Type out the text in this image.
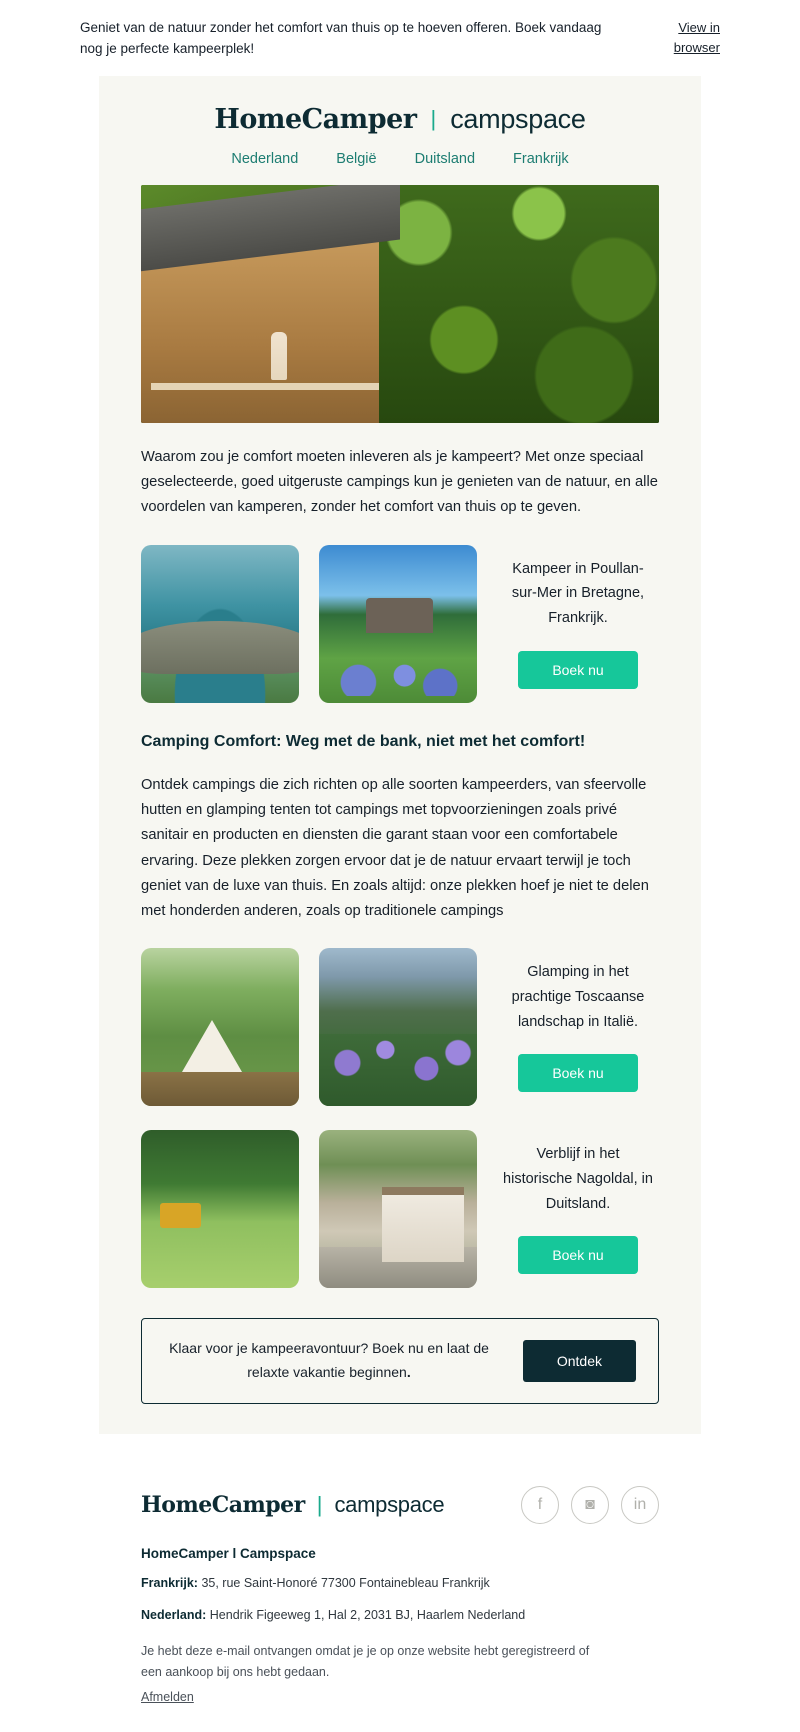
Geniet van de natuur zonder het comfort van thuis op te hoeven offeren. Boek vandaag nog je perfecte kampeerplek!
View in browser
HomeCamper | campspace
Nederland	België	Duitsland	Frankrijk
Waarom zou je comfort moeten inleveren als je kampeert? Met onze speciaal geselecteerde, goed uitgeruste campings kun je genieten van de natuur, en alle voordelen van kamperen, zonder het comfort van thuis op te geven.
Kampeer in Poullan-sur-Mer in Bretagne, Frankrijk.
Boek nu
Camping Comfort: Weg met de bank, niet met het comfort!
Ontdek campings die zich richten op alle soorten kampeerders, van sfeervolle hutten en glamping tenten tot campings met topvoorzieningen zoals privé sanitair en producten en diensten die garant staan voor een comfortabele ervaring. Deze plekken zorgen ervoor dat je de natuur ervaart terwijl je toch geniet van de luxe van thuis. En zoals altijd: onze plekken hoef je niet te delen met honderden anderen, zoals op traditionele campings
Glamping in het prachtige Toscaanse landschap in Italië.
Boek nu
Verblijf in het historische Nagoldal, in Duitsland.
Boek nu
Klaar voor je kampeeravontuur? Boek nu en laat de relaxte vakantie beginnen.
Ontdek
HomeCamper | campspace	f	◙	in
HomeCamper l Campspace
Frankrijk: 35, rue Saint-Honoré 77300 Fontainebleau Frankrijk
Nederland: Hendrik Figeeweg 1, Hal 2, 2031 BJ, Haarlem Nederland
Je hebt deze e-mail ontvangen omdat je je op onze website hebt geregistreerd of een aankoop bij ons hebt gedaan.
Afmelden
